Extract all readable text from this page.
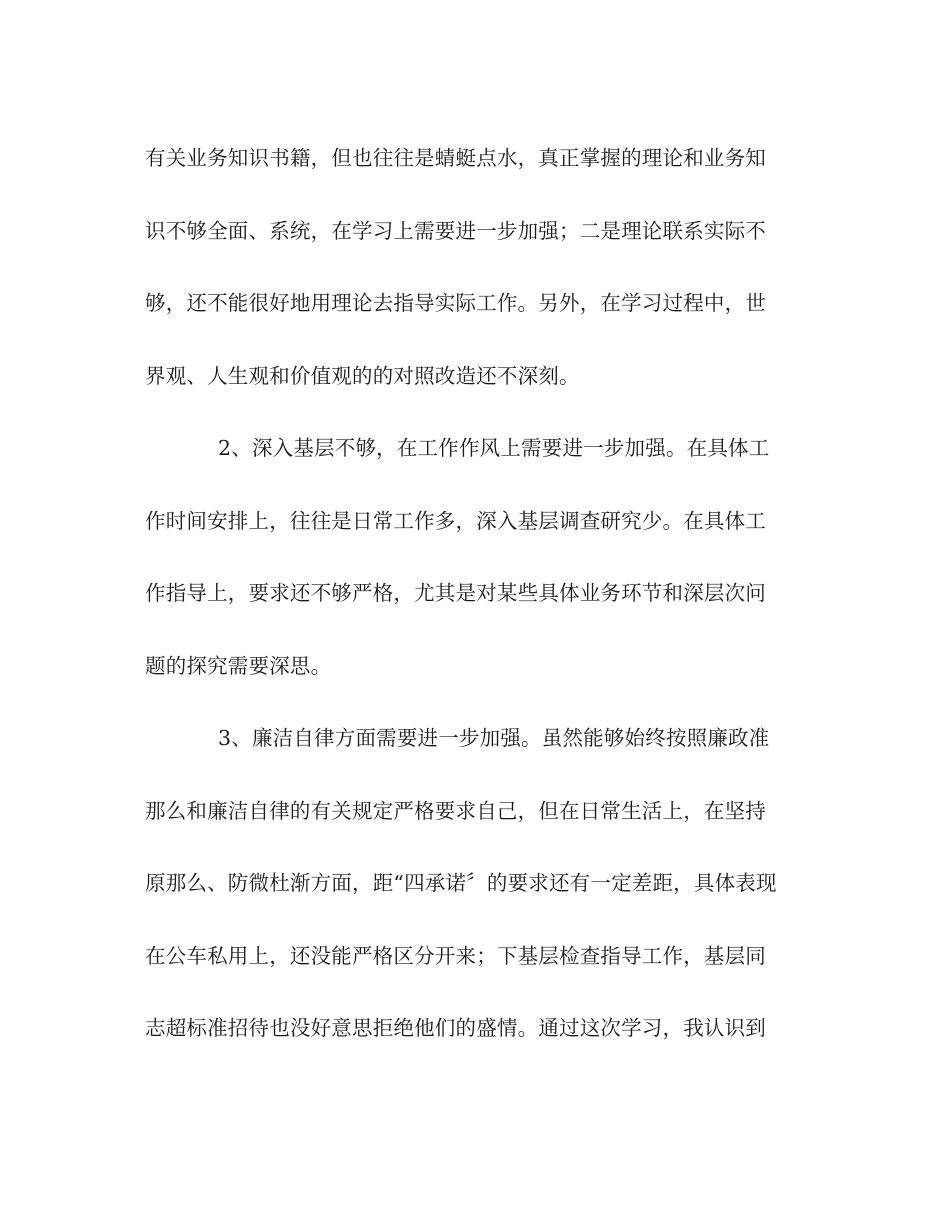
有关业务知识书籍，但也往往是蜻蜓点水，真正掌握的理论和业务知
识不够全面、系统，在学习上需要进一步加强；二是理论联系实际不
够，还不能很好地用理论去指导实际工作。另外，在学习过程中，世
界观、人生观和价值观的的对照改造还不深刻。
2、深入基层不够，在工作作风上需要进一步加强。在具体工
作时间安排上，往往是日常工作多，深入基层调查研究少。在具体工
作指导上，要求还不够严格，尤其是对某些具体业务环节和深层次问
题的探究需要深思。
3、廉洁自律方面需要进一步加强。虽然能够始终按照廉政准
那么和廉洁自律的有关规定严格要求自己，但在日常生活上，在坚持
原那么、防微杜渐方面，距“四承诺〞的要求还有一定差距，具体表现
在公车私用上，还没能严格区分开来；下基层检查指导工作，基层同
志超标准招待也没好意思拒绝他们的盛情。通过这次学习，我认识到
